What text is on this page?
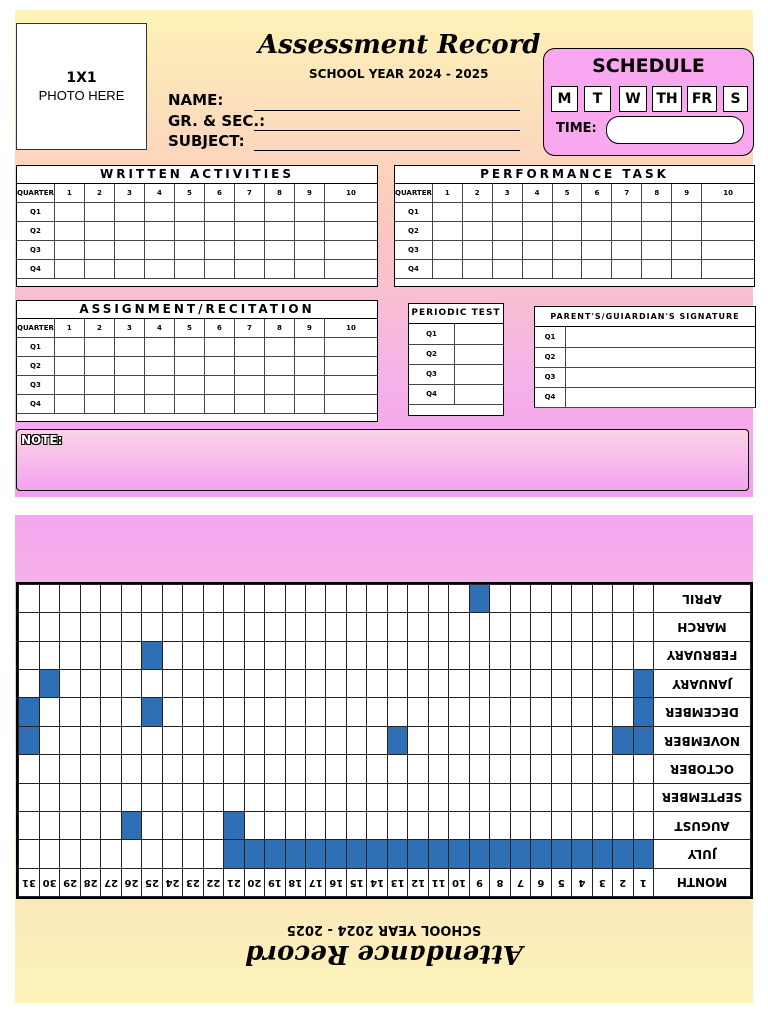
1X1
PHOTO HERE
Assessment Record
SCHOOL YEAR 2024 - 2025
NAME:
GR. & SEC.:
SUBJECT:
SCHEDULE
M	T	W	TH	FR	S
TIME:
WRITTEN ACTIVITIES
QUARTER	1	2	3	4	5	6	7	8	9	10
Q1										
Q2										
Q3										
Q4										
PERFORMANCE TASK
QUARTER	1	2	3	4	5	6	7	8	9	10
Q1										
Q2										
Q3										
Q4										
ASSIGNMENT/RECITATION
QUARTER	1	2	3	4	5	6	7	8	9	10
Q1										
Q2										
Q3										
Q4										
PERIODIC TEST
Q1	
Q2	
Q3	
Q4	
PARENT'S/GUIARDIAN'S SIGNATURE
Q1	
Q2	
Q3	
Q4	
NOTE:
MONTH	1	2	3	4	5	6	7	8	9	10	11	12	13	14	15	16	17	18	19	20	21	22	23	24	25	26	27	28	29	30	31
JULY																															
AUGUST																															
SEPTEMBER																															
OCTOBER																															
NOVEMBER																															
DECEMBER																															
JANUARY																															
FEBRUARY																															
MARCH																															
APRIL																															
Attendance Record
SCHOOL YEAR 2024 - 2025
